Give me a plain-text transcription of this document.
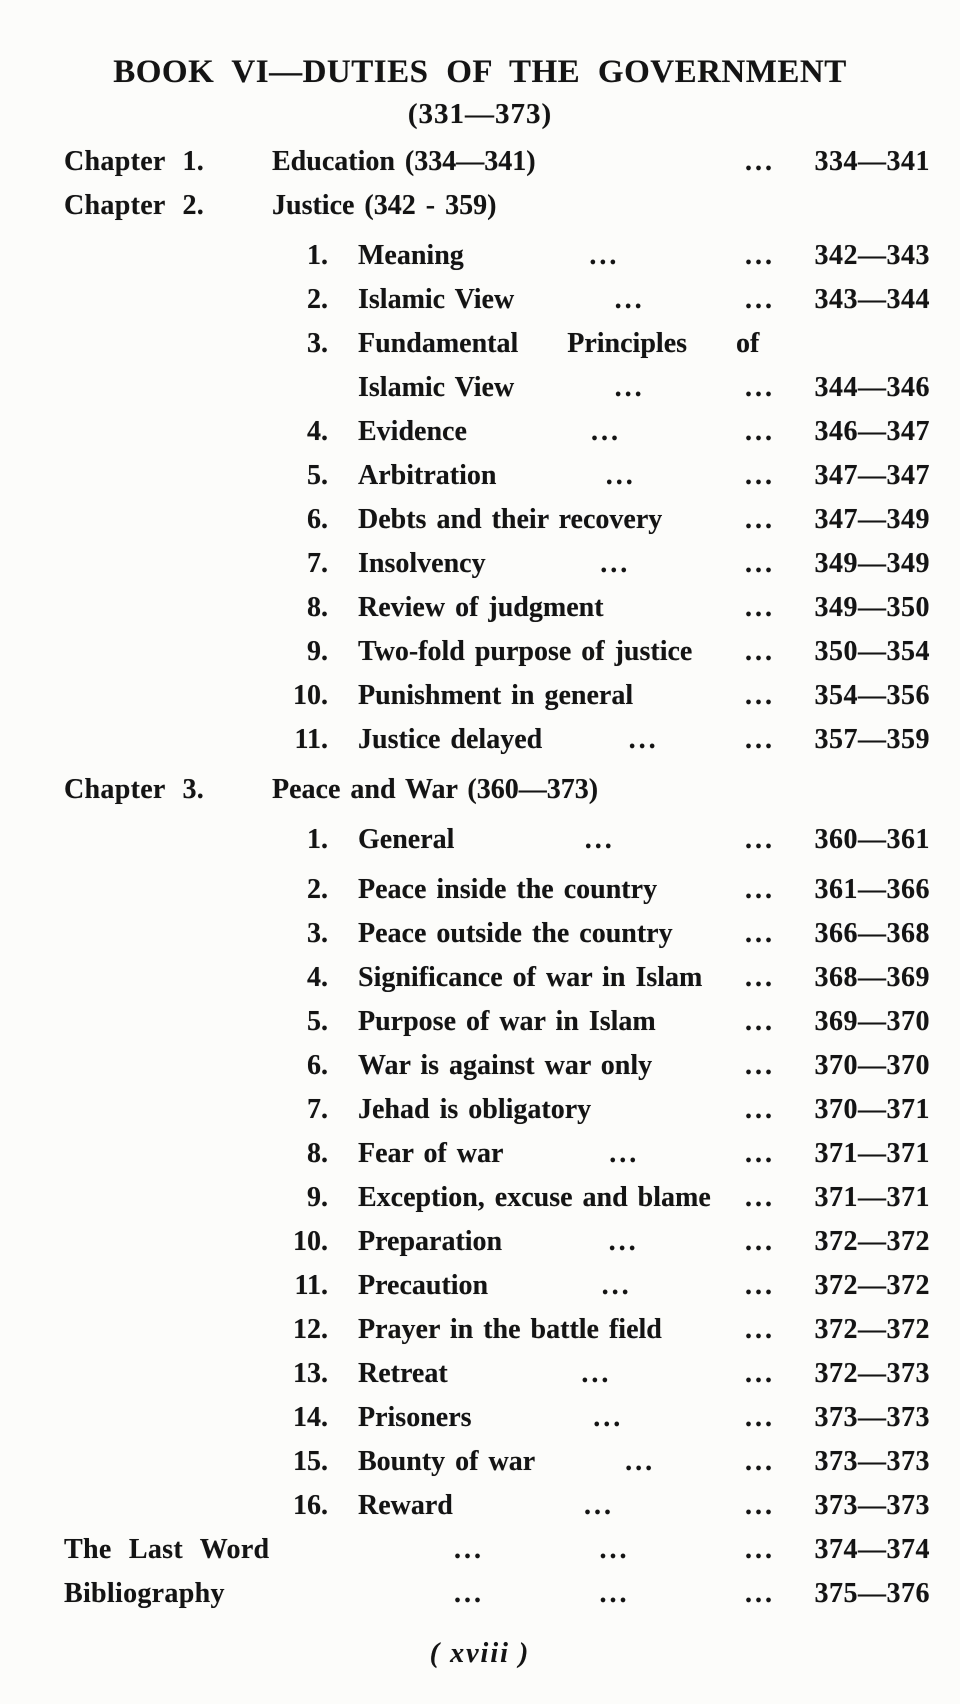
BOOK VI—DUTIES OF THE GOVERNMENT
(331—373)
Chapter 1.	Education (334—341)	...	334—341
Chapter 2.	Justice (342 - 359)
1. Meaning	...	...	342—343
2. Islamic View	...	...	343—344
3. Fundamental Principles of
Islamic View	...	...	344—346
4. Evidence	...	...	346—347
5. Arbitration	...	...	347—347
6. Debts and their recovery	...	347—349
7. Insolvency	...	...	349—349
8. Review of judgment	...	349—350
9. Two-fold purpose of justice ...	350—354
10. Punishment in general	...	354—356
11. Justice delayed	...	...	357—359
Chapter 3.	Peace and War (360—373)
1. General	...	...	360—361
2. Peace inside the country	...	361—366
3. Peace outside the country	...	366—368
4. Significance of war in Islam ...	368—369
5. Purpose of war in Islam	...	369—370
6. War is against war only	...	370—370
7. Jehad is obligatory	...	370—371
8. Fear of war	...	...	371—371
9. Exception, excuse and blame ...	371—371
10. Preparation	...	...	372—372
11. Precaution	...	...	372—372
12. Prayer in the battle field	...	372—372
13. Retreat	...	...	372—373
14. Prisoners	...	...	373—373
15. Bounty of war	...	...	373—373
16. Reward	...	...	373—373
The Last Word	...	...	...	374—374
Bibliography	...	...	...	375—376
( xviii )
